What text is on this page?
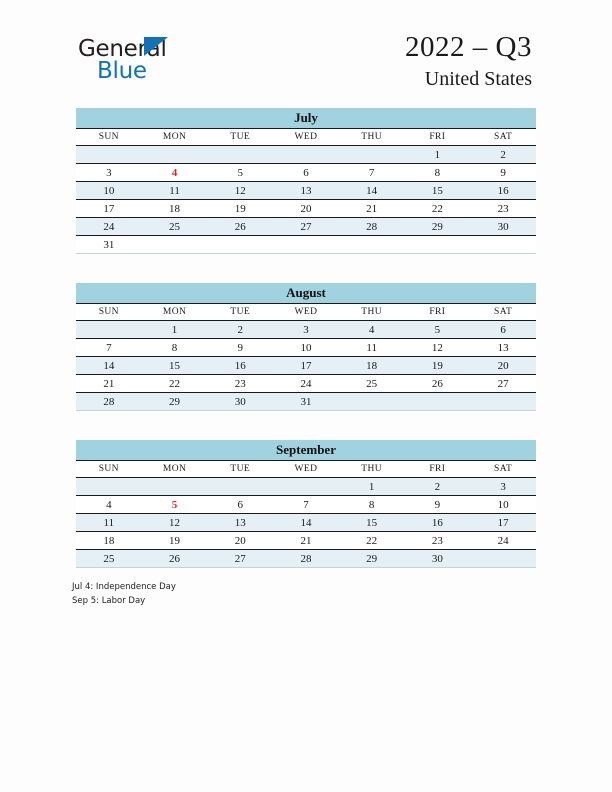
General
Blue
2022 – Q3
United States
July
SUN	MON	TUE	WED	THU	FRI	SAT
					1	2
3	4	5	6	7	8	9
10	11	12	13	14	15	16
17	18	19	20	21	22	23
24	25	26	27	28	29	30
31						
August
SUN	MON	TUE	WED	THU	FRI	SAT
	1	2	3	4	5	6
7	8	9	10	11	12	13
14	15	16	17	18	19	20
21	22	23	24	25	26	27
28	29	30	31			
September
SUN	MON	TUE	WED	THU	FRI	SAT
				1	2	3
4	5	6	7	8	9	10
11	12	13	14	15	16	17
18	19	20	21	22	23	24
25	26	27	28	29	30	
Jul 4: Independence Day
Sep 5: Labor Day
